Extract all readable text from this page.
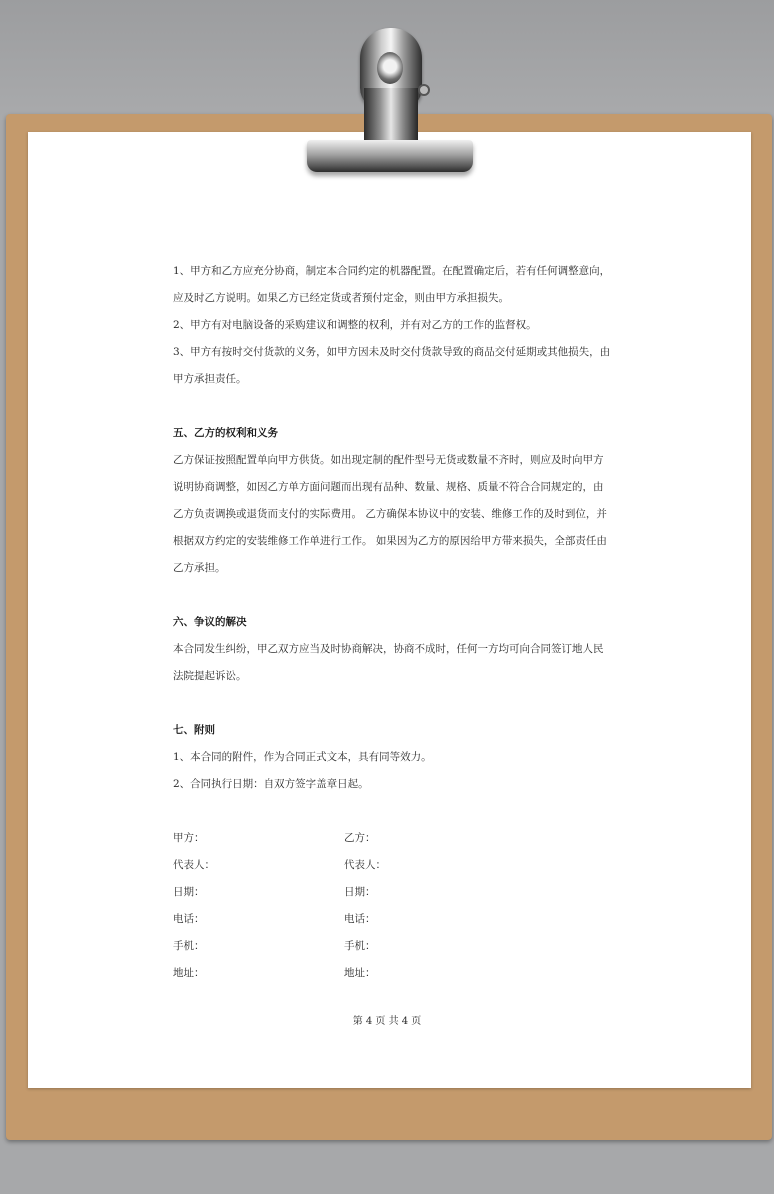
1、甲方和乙方应充分协商，制定本合同约定的机器配置。在配置确定后，若有任何调整意向，
应及时乙方说明。如果乙方已经定货或者预付定金，则由甲方承担损失。
2、甲方有对电脑设备的采购建议和调整的权利，并有对乙方的工作的监督权。
3、甲方有按时交付货款的义务，如甲方因未及时交付货款导致的商品交付延期或其他损失，由
甲方承担责任。
五、乙方的权利和义务
乙方保证按照配置单向甲方供货。如出现定制的配件型号无货或数量不齐时，则应及时向甲方
说明协商调整，如因乙方单方面问题而出现有品种、数量、规格、质量不符合合同规定的，由
乙方负责调换或退货而支付的实际费用。 乙方确保本协议中的安装、维修工作的及时到位，并
根据双方约定的安装维修工作单进行工作。 如果因为乙方的原因给甲方带来损失，全部责任由
乙方承担。
六、争议的解决
本合同发生纠纷，甲乙双方应当及时协商解决，协商不成时，任何一方均可向合同签订地人民
法院提起诉讼。
七、附则
1、本合同的附件，作为合同正式文本，具有同等效力。
2、合同执行日期：自双方签字盖章日起。
甲方：
代表人：
日期：
电话：
手机：
地址：
乙方：
代表人：
日期：
电话：
手机：
地址：
第 4 页 共 4 页
